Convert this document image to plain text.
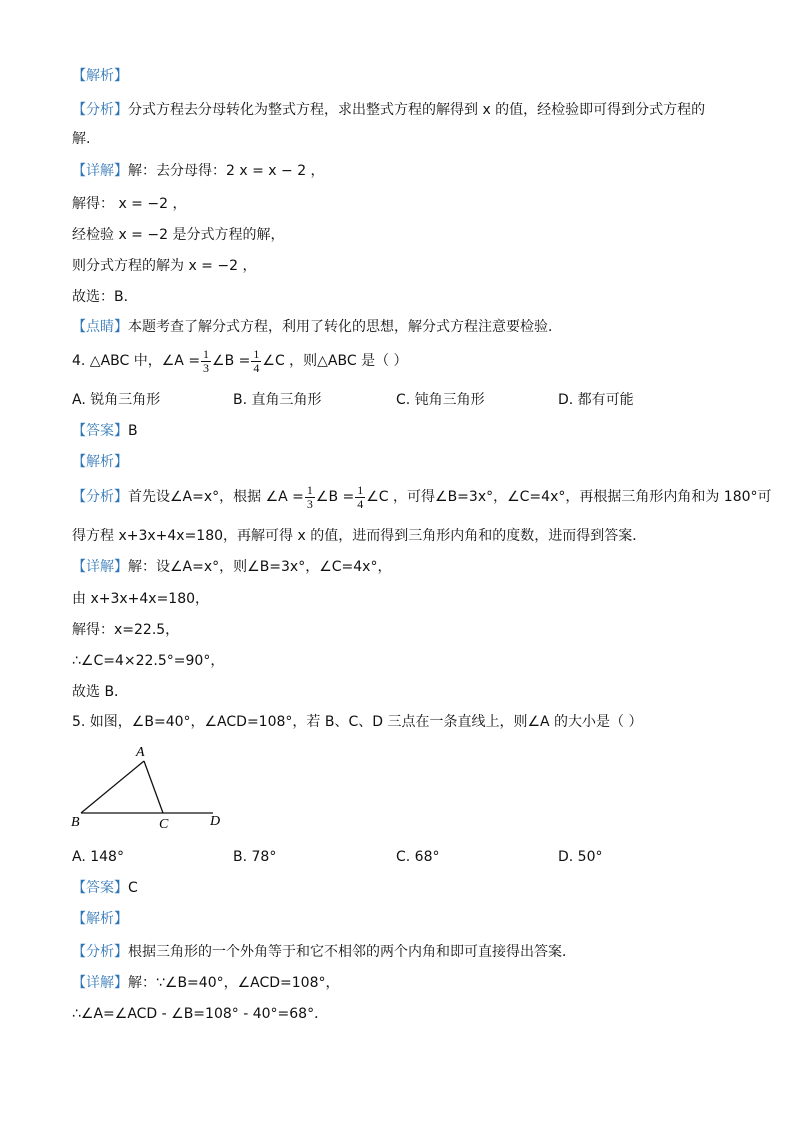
【解析】
【分析】分式方程去分母转化为整式方程，求出整式方程的解得到 x 的值，经检验即可得到分式方程的
解.
【详解】解：去分母得：2 x = x − 2 ，
解得： x = −2 ，
经检验 x = −2 是分式方程的解，
则分式方程的解为 x = −2 ，
故选：B．
【点睛】本题考查了解分式方程，利用了转化的思想，解分式方程注意要检验．
4. △ABC 中，∠A = $\frac{1}{3}$ ∠B = $\frac{1}{4}$ ∠C ，则△ABC 是（ ）
A. 锐角三角形	B. 直角三角形	C. 钝角三角形	D. 都有可能
【答案】B
【解析】
【分析】首先设∠A=x°，根据 ∠A = $\frac{1}{3}$ ∠B = $\frac{1}{4}$ ∠C ，可得∠B=3x°，∠C=4x°，再根据三角形内角和为 180°可
得方程 x+3x+4x=180，再解可得 x 的值，进而得到三角形内角和的度数，进而得到答案．
【详解】解：设∠A=x°，则∠B=3x°，∠C=4x°，
由 x+3x+4x=180，
解得：x=22.5，
∴∠C=4×22.5°=90°，
故选 B．
5. 如图，∠B=40°，∠ACD=108°，若 B、C、D 三点在一条直线上，则∠A 的大小是（ ）
A
B	C	D
A. 148°	B. 78°	C. 68°	D. 50°
【答案】C
【解析】
【分析】根据三角形的一个外角等于和它不相邻的两个内角和即可直接得出答案．
【详解】解：∵∠B=40°，∠ACD=108°，
∴∠A=∠ACD - ∠B=108° - 40°=68°．
